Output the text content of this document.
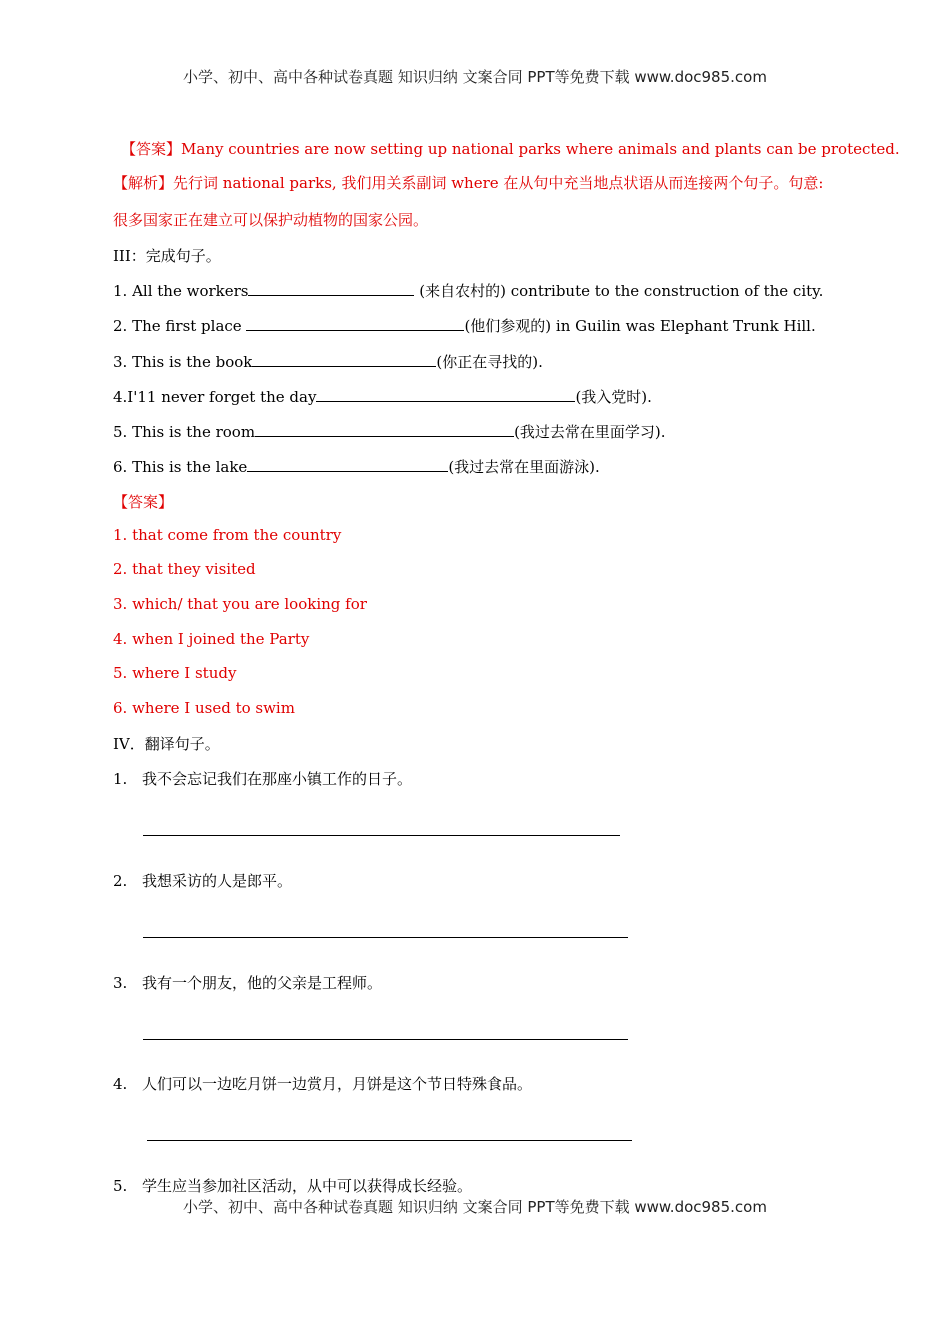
小学、初中、高中各种试卷真题 知识归纳 文案合同 PPT等免费下载 www.doc985.com
【答案】Many countries are now setting up national parks where animals and plants can be protected.
【解析】先行词 national parks, 我们用关系副词 where 在从句中充当地点状语从而连接两个句子。句意:
很多国家正在建立可以保护动植物的国家公园。
III：完成句子。
1. All the workers	(来自农村的) contribute to the construction of the city.
2. The first place	(他们参观的) in Guilin was Elephant Trunk Hill.
3. This is the book	(你正在寻找的).
4.I'11 never forget the day	(我入党时).
5. This is the room	(我过去常在里面学习).
6. This is the lake	(我过去常在里面游泳).
【答案】
1. that come from the country
2. that they visited
3. which/ that you are looking for
4. when I joined the Party
5. where I study
6. where I used to swim
IV．翻译句子。
1. 我不会忘记我们在那座小镇工作的日子。
2. 我想采访的人是郎平。
3. 我有一个朋友，他的父亲是工程师。
4. 人们可以一边吃月饼一边赏月，月饼是这个节日特殊食品。
5. 学生应当参加社区活动，从中可以获得成长经验。
小学、初中、高中各种试卷真题 知识归纳 文案合同 PPT等免费下载 www.doc985.com
